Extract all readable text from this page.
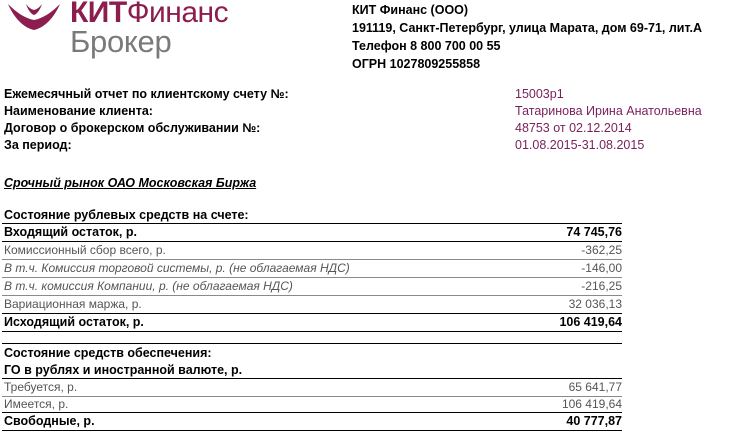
КИТФинанс
Брокер
КИТ Финанс (ООО)
191119, Санкт-Петербург, улица Марата, дом 69-71, лит.А
Телефон 8 800 700 00 55
ОГРН 1027809255858
Ежемесячный отчет по клиентскому счету №:	15003р1
Наименование клиента:	Татаринова Ирина Анатольевна
Договор о брокерском обслуживании №:	48753 от 02.12.2014
За период:	01.08.2015-31.08.2015
Срочный рынок ОАО Московская Биржа
Состояние рублевых средств на счете:
Входящий остаток, р.	74 745,76
Комиссионный сбор всего, р.	-362,25
В т.ч. Комиссия торговой системы, р. (не облагаемая НДС)	-146,00
В т.ч. комиссия Компании, р. (не облагаемая НДС)	-216,25
Вариационная маржа, р.	32 036,13
Исходящий остаток, р.	106 419,64
Состояние средств обеспечения:
ГО в рублях и иностранной валюте, р.
Требуется, р.	65 641,77
Имеется, р.	106 419,64
Свободные, р.	40 777,87
